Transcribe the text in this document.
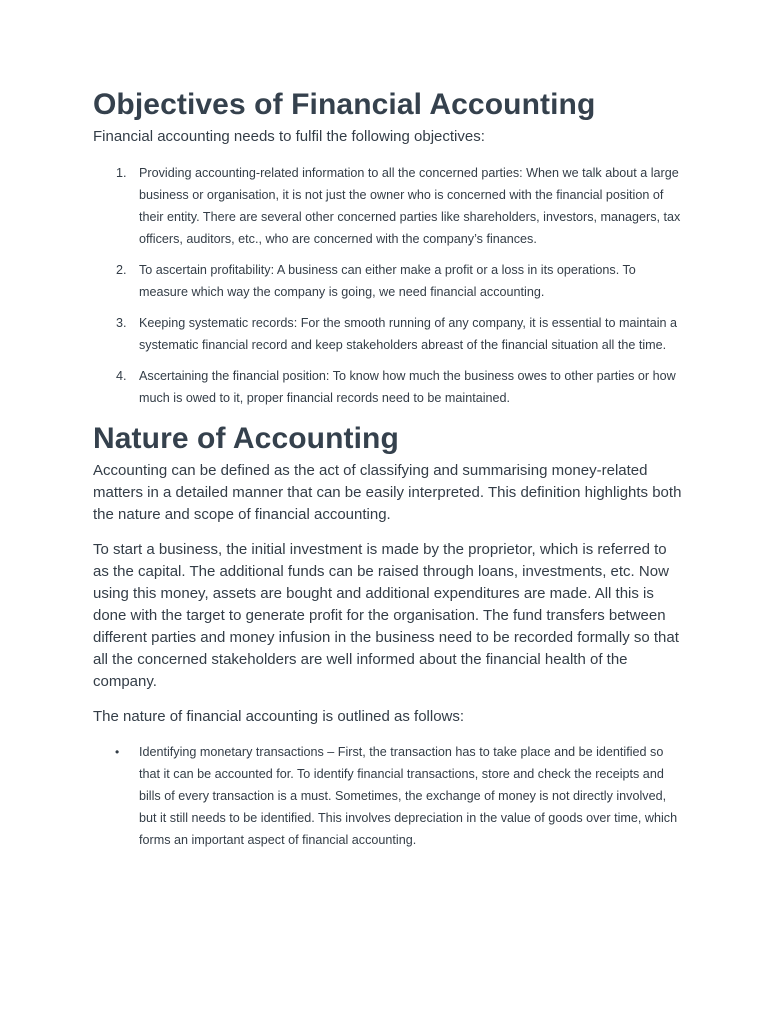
Objectives of Financial Accounting

Financial accounting needs to fulfil the following objectives:

Providing accounting-related information to all the concerned parties: When we talk about a large business or organisation, it is not just the owner who is concerned with the financial position of their entity. There are several other concerned parties like shareholders, investors, managers, tax officers, auditors, etc., who are concerned with the company’s finances.
To ascertain profitability: A business can either make a profit or a loss in its operations. To measure which way the company is going, we need financial accounting.
Keeping systematic records: For the smooth running of any company, it is essential to maintain a systematic financial record and keep stakeholders abreast of the financial situation all the time.
Ascertaining the financial position: To know how much the business owes to other parties or how much is owed to it, proper financial records need to be maintained.
Nature of Accounting

Accounting can be defined as the act of classifying and summarising money-related matters in a detailed manner that can be easily interpreted. This definition highlights both the nature and scope of financial accounting.

To start a business, the initial investment is made by the proprietor, which is referred to as the capital. The additional funds can be raised through loans, investments, etc. Now using this money, assets are bought and additional expenditures are made. All this is done with the target to generate profit for the organisation. The fund transfers between different parties and money infusion in the business need to be recorded formally so that all the concerned stakeholders are well informed about the financial health of the company.

The nature of financial accounting is outlined as follows:

• Identifying monetary transactions – First, the transaction has to take place and be identified so that it can be accounted for. To identify financial transactions, store and check the receipts and bills of every transaction is a must. Sometimes, the exchange of money is not directly involved, but it still needs to be identified. This involves depreciation in the value of goods over time, which forms an important aspect of financial accounting.
